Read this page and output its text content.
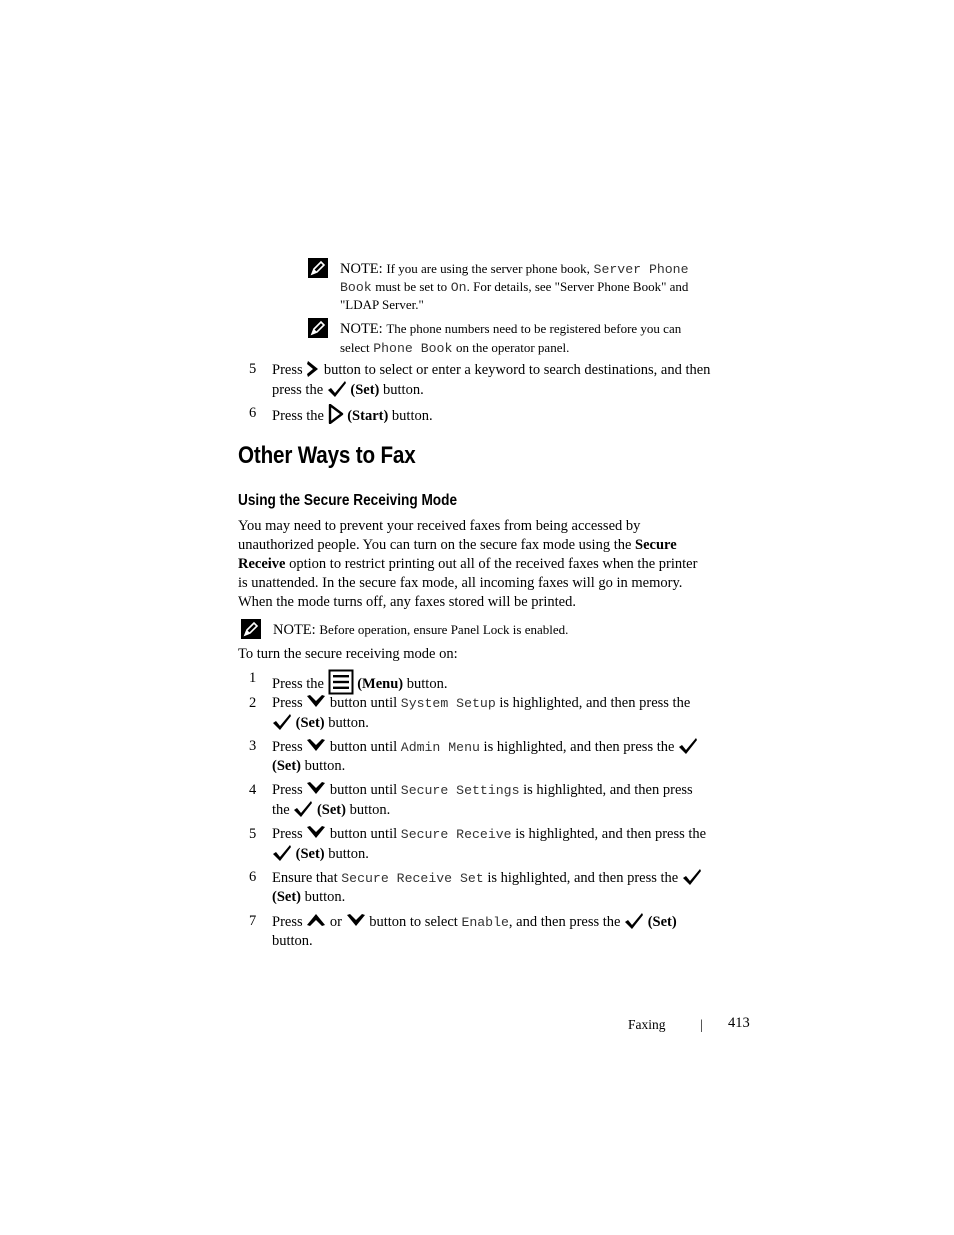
NOTE: If you are using the server phone book, Server Phone
Book must be set to On. For details, see "Server Phone Book" and
"LDAP Server."
NOTE: The phone numbers need to be registered before you can
select Phone Book on the operator panel.
5 Press button to select or enter a keyword to search destinations, and then
press the (Set) button.
6 Press the (Start) button.
Other Ways to Fax
Using the Secure Receiving Mode
You may need to prevent your received faxes from being accessed by
unauthorized people. You can turn on the secure fax mode using the Secure
Receive option to restrict printing out all of the received faxes when the printer
is unattended. In the secure fax mode, all incoming faxes will go in memory.
When the mode turns off, any faxes stored will be printed.
NOTE: Before operation, ensure Panel Lock is enabled.
To turn the secure receiving mode on:
1 Press the (Menu) button.
2 Press button until System Setup is highlighted, and then press the
(Set) button.
3 Press button until Admin Menu is highlighted, and then press the
(Set) button.
4 Press button until Secure Settings is highlighted, and then press
the (Set) button.
5 Press button until Secure Receive is highlighted, and then press the
(Set) button.
6 Ensure that Secure Receive Set is highlighted, and then press the
(Set) button.
7 Press or button to select Enable, and then press the (Set)
button.
Faxing	| 413
